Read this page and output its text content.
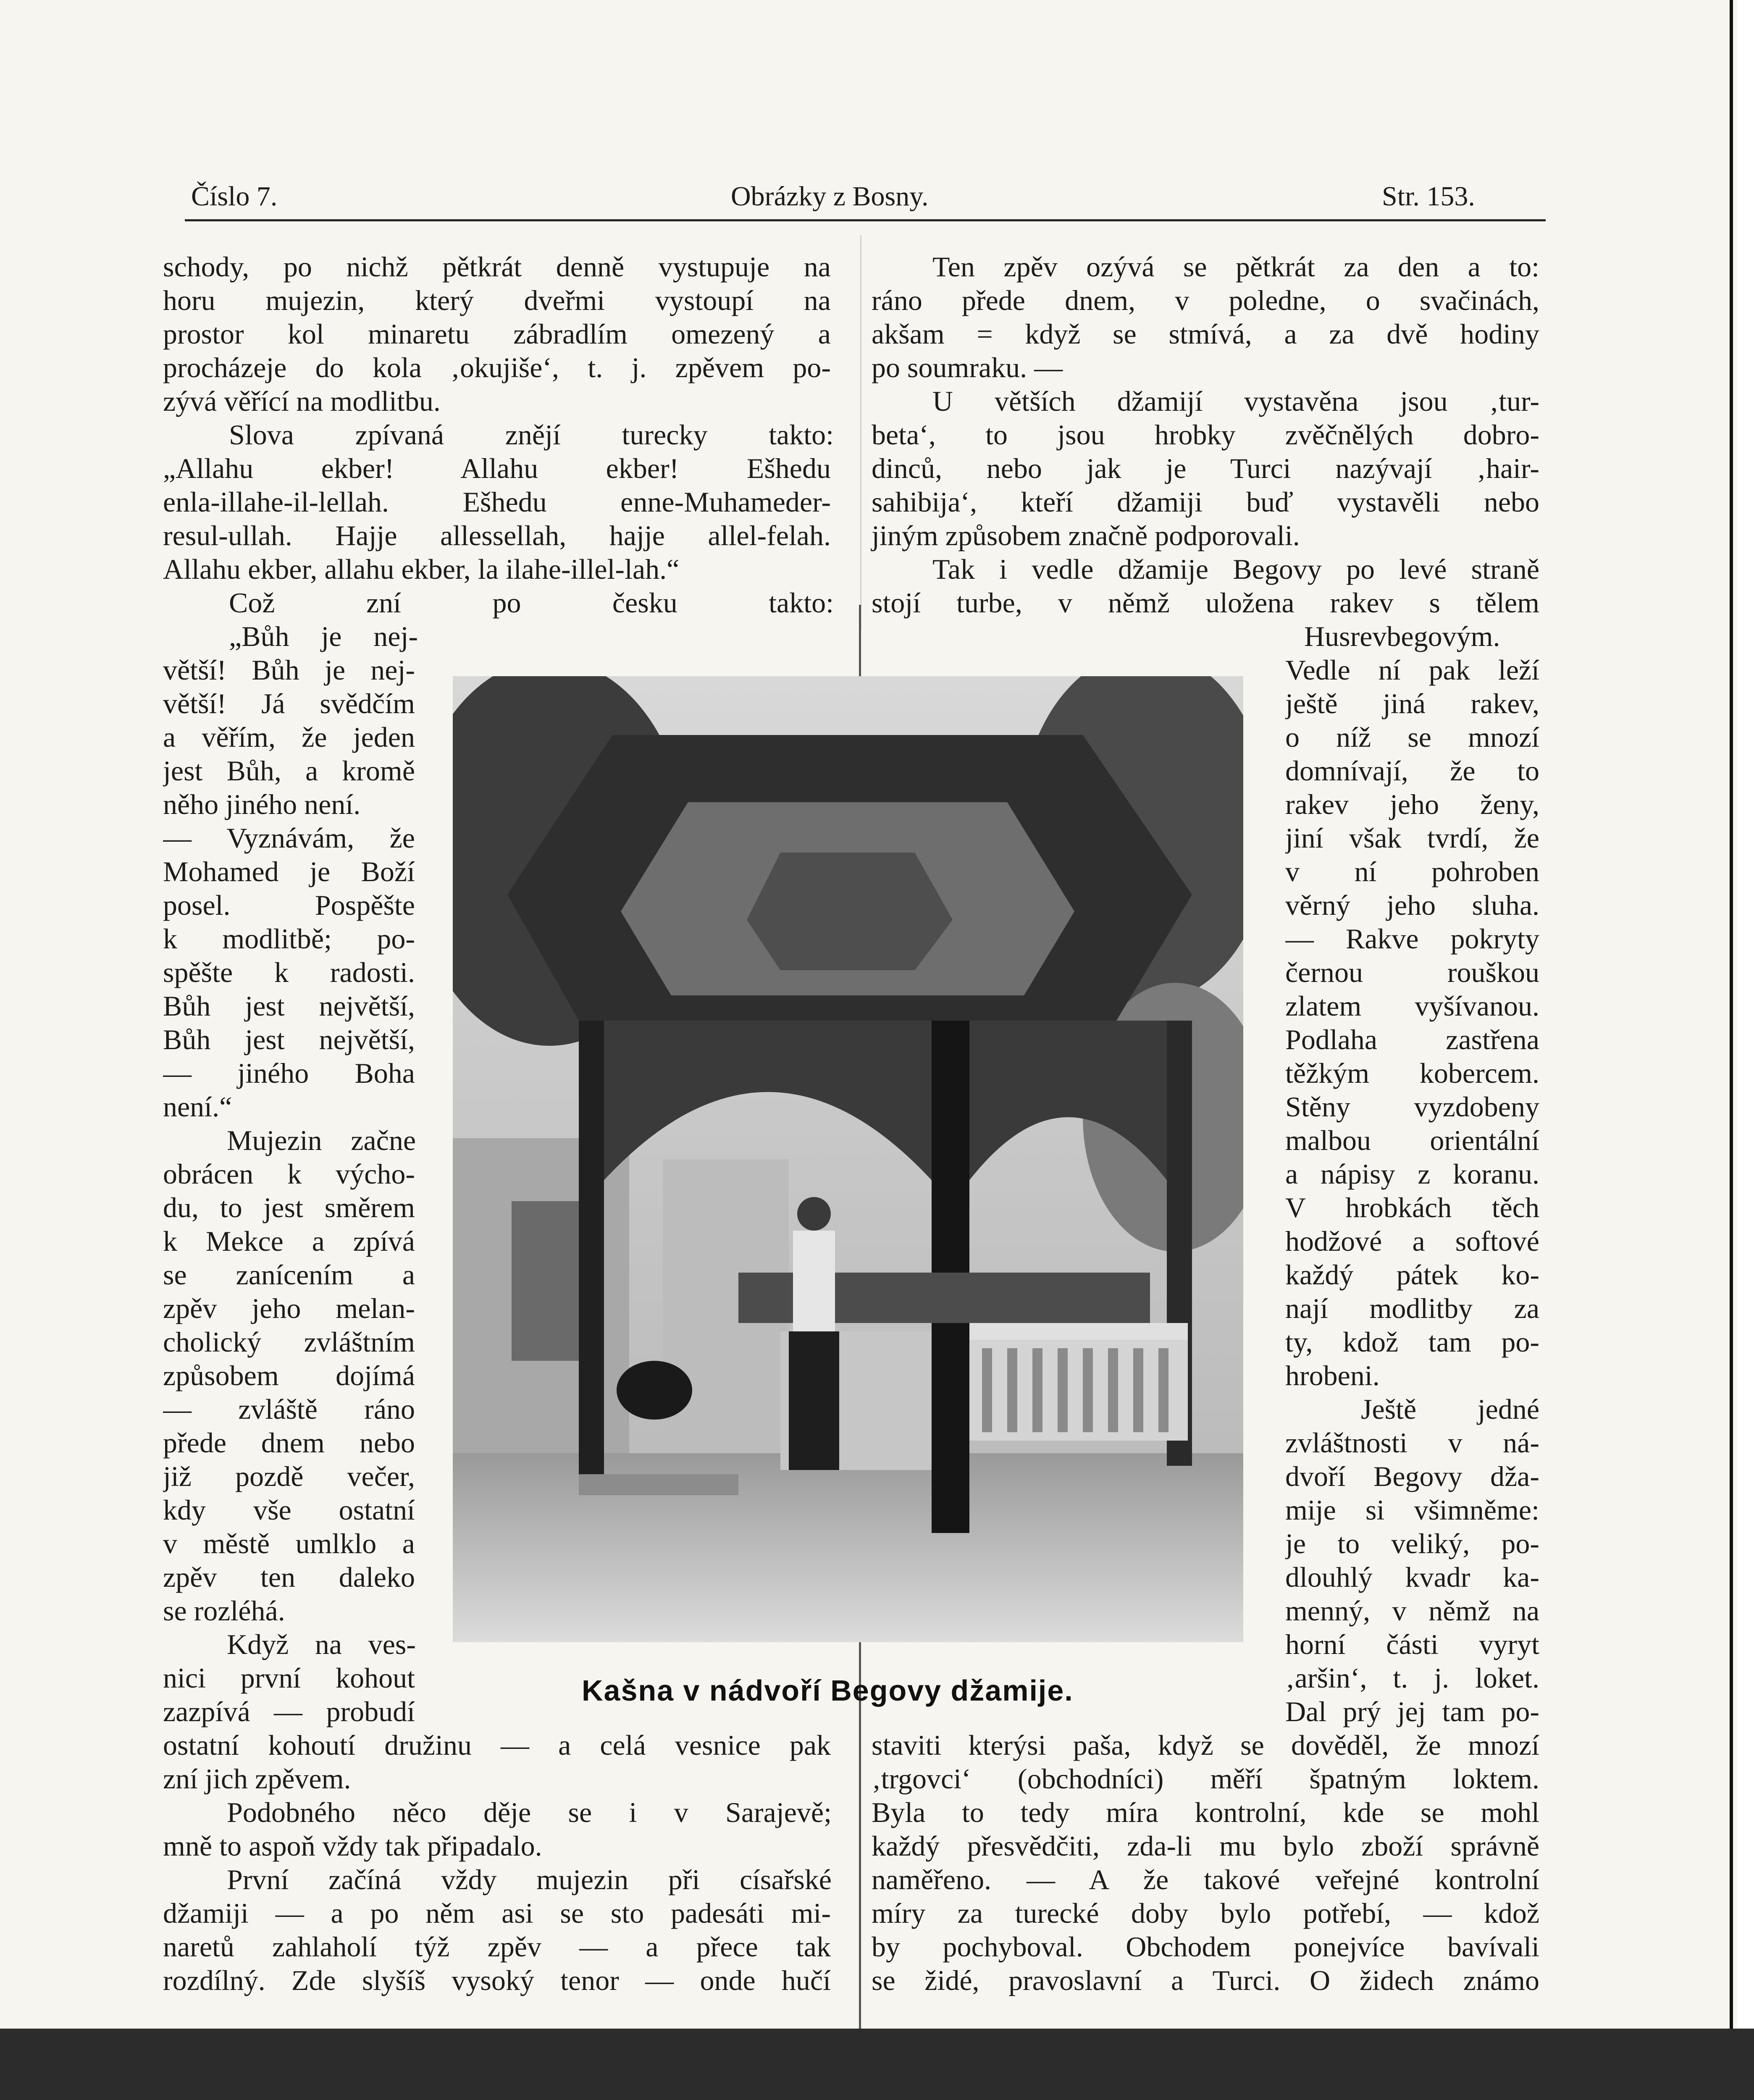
Číslo 7.	Obrázky z Bosny.	Str. 153.
schody, po nichž pětkrát denně vystupuje na
horu mujezin, který dveřmi vystoupí na
prostor kol minaretu zábradlím omezený a
procházeje do kola ‚okujiše‘, t. j. zpěvem po-
zývá věřící na modlitbu.
Slova zpívaná znějí turecky takto:
„Allahu ekber! Allahu ekber! Ešhedu
enla-illahe-il-lellah. Ešhedu enne-Muhameder-
resul-ullah. Hajje allessellah, hajje allel-felah.
Allahu ekber, allahu ekber, la ilahe-illel-lah.“
Což zní po česku takto:
„Bůh je nej-
větší! Bůh je nej-
větší! Já svědčím
a věřím, že jeden
jest Bůh, a kromě
něho jiného není.
— Vyznávám, že
Mohamed je Boží
posel. Pospěšte
k modlitbě; po-
spěšte k radosti.
Bůh jest největší,
Bůh jest největší,
— jiného Boha
není.“
Mujezin začne
obrácen k výcho-
du, to jest směrem
k Mekce a zpívá
se zanícením a
zpěv jeho melan-
cholický zvláštním
způsobem dojímá
— zvláště ráno
přede dnem nebo
již pozdě večer,
kdy vše ostatní
v městě umlklo a
zpěv ten daleko
se rozléhá.
Když na ves-
nici první kohout
zazpívá — probudí
ostatní kohoutí družinu — a celá vesnice pak
zní jich zpěvem.
Podobného něco děje se i v Sarajevě;
mně to aspoň vždy tak připadalo.
První začíná vždy mujezin při císařské
džamiji — a po něm asi se sto padesáti mi-
naretů zahlaholí týž zpěv — a přece tak
rozdílný. Zde slyšíš vysoký tenor — onde hučí
Ten zpěv ozývá se pětkrát za den a to:
ráno přede dnem, v poledne, o svačinách,
akšam = když se stmívá, a za dvě hodiny
po soumraku. —
U větších džamijí vystavěna jsou ‚tur-
beta‘, to jsou hrobky zvěčnělých dobro-
dinců, nebo jak je Turci nazývají ‚hair-
sahibija‘, kteří džamiji buď vystavěli nebo
jiným způsobem značně podporovali.
Tak i vedle džamije Begovy po levé straně
stojí turbe, v němž uložena rakev s tělem
Husrevbegovým.
Vedle ní pak leží
ještě jiná rakev,
o níž se mnozí
domnívají, že to
rakev jeho ženy,
jiní však tvrdí, že
v ní pohroben
věrný jeho sluha.
— Rakve pokryty
černou rouškou
zlatem vyšívanou.
Podlaha zastřena
těžkým kobercem.
Stěny vyzdobeny
malbou orientální
a nápisy z koranu.
V hrobkách těch
hodžové a softové
každý pátek ko-
nají modlitby za
ty, kdož tam po-
hrobeni.
Ještě jedné
zvláštnosti v ná-
dvoří Begovy dža-
mije si všimněme:
je to veliký, po-
dlouhlý kvadr ka-
menný, v němž na
horní části vyryt
‚aršin‘, t. j. loket.
Dal prý jej tam po-
staviti kterýsi paša, když se dověděl, že mnozí
‚trgovci‘ (obchodníci) měří špatným loktem.
Byla to tedy míra kontrolní, kde se mohl
každý přesvědčiti, zda-li mu bylo zboží správně
naměřeno. — A že takové veřejné kontrolní
míry za turecké doby bylo potřebí, — kdož
by pochyboval. Obchodem ponejvíce bavívali
se židé, pravoslavní a Turci. O židech známo
Kašna v nádvoří Begovy džamije.
